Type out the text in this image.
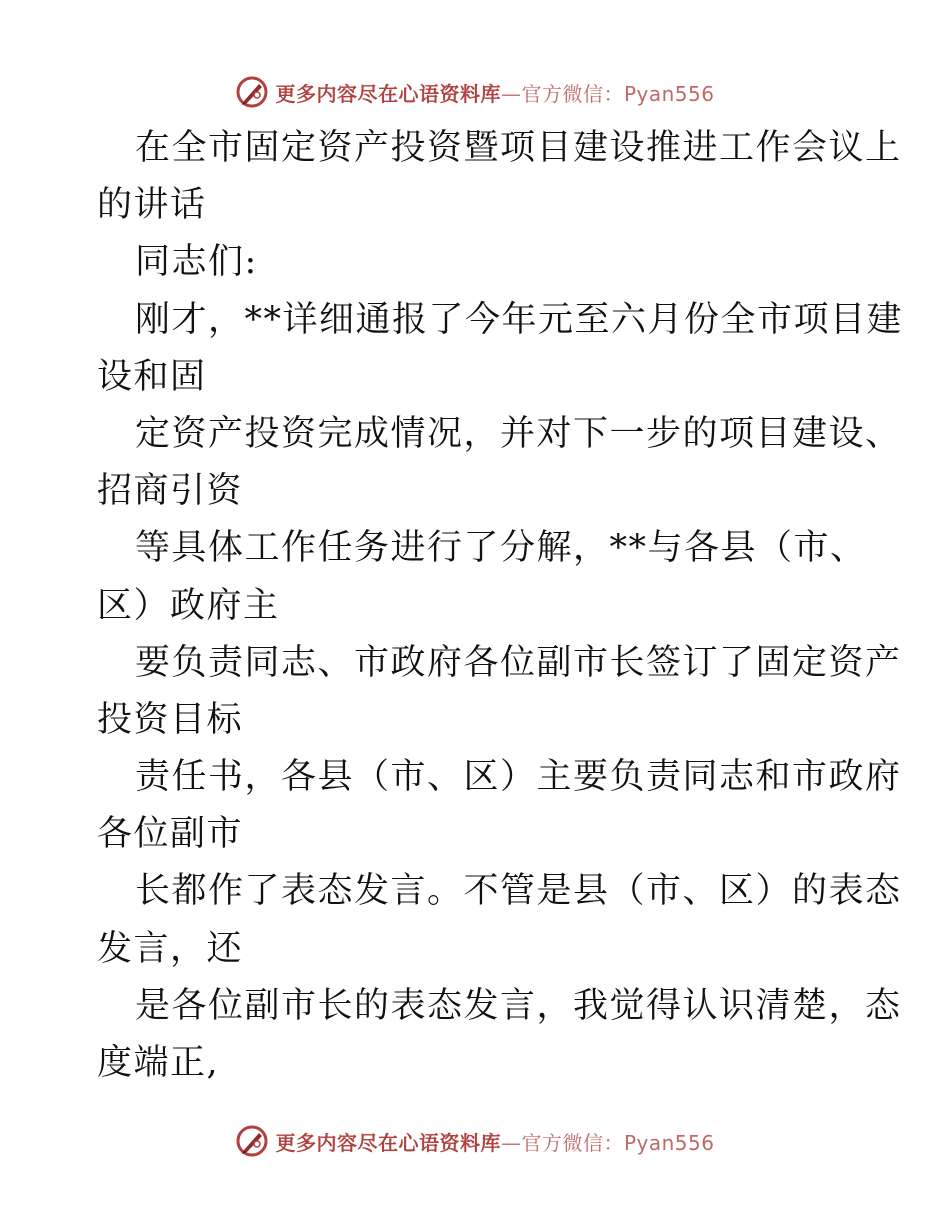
更多内容尽在心语资料库—官方微信：Pyan556
在全市固定资产投资暨项目建设推进工作会议上
的讲话
同志们:
刚才，**详细通报了今年元至六月份全市项目建
设和固
定资产投资完成情况，并对下一步的项目建设、
招商引资
等具体工作任务进行了分解，**与各县（市、
区）政府主
要负责同志、市政府各位副市长签订了固定资产
投资目标
责任书，各县（市、区）主要负责同志和市政府
各位副市
长都作了表态发言。不管是县（市、区）的表态
发言，还
是各位副市长的表态发言，我觉得认识清楚，态
度端正,
更多内容尽在心语资料库—官方微信：Pyan556
